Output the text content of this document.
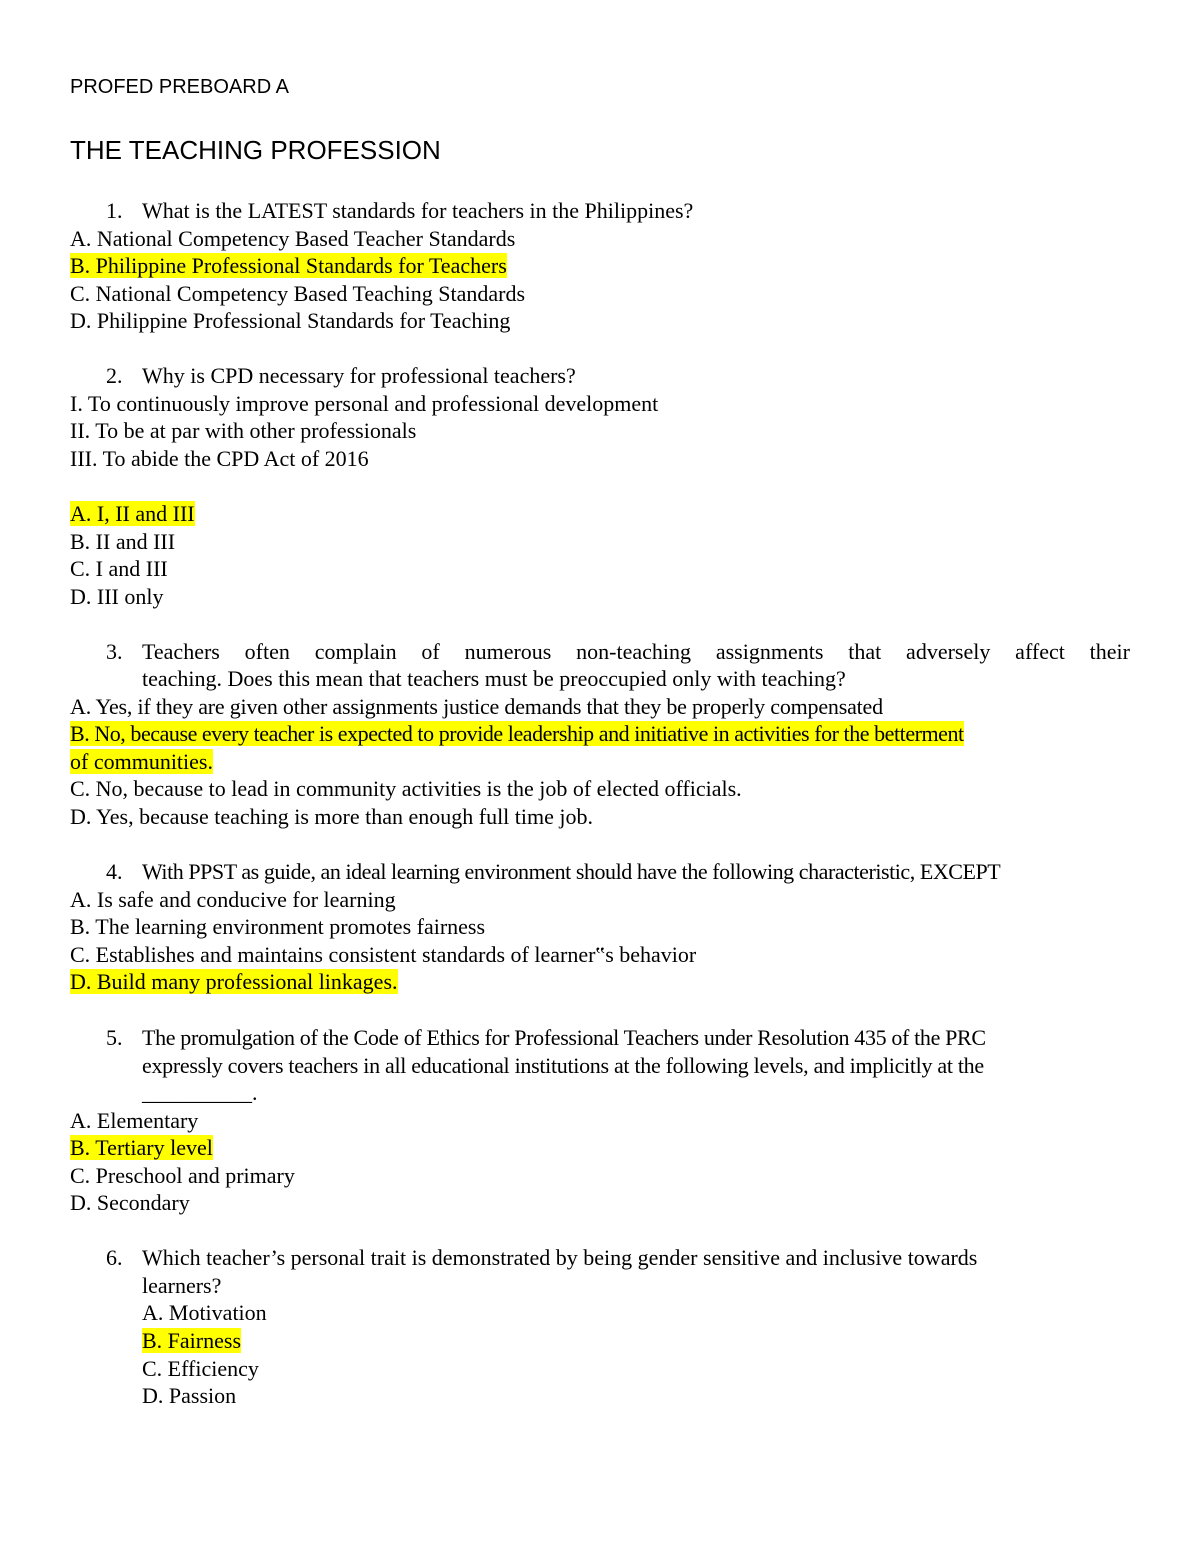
PROFED PREBOARD A
THE TEACHING PROFESSION
1. What is the LATEST standards for teachers in the Philippines?
A. National Competency Based Teacher Standards
B. Philippine Professional Standards for Teachers
C. National Competency Based Teaching Standards
D. Philippine Professional Standards for Teaching
2. Why is CPD necessary for professional teachers?
I. To continuously improve personal and professional development
II. To be at par with other professionals
III. To abide the CPD Act of 2016
A. I, II and III
B. II and III
C. I and III
D. III only
3. Teachers often complain of numerous non-teaching assignments that adversely affect their
teaching. Does this mean that teachers must be preoccupied only with teaching?
A. Yes, if they are given other assignments justice demands that they be properly compensated
B. No, because every teacher is expected to provide leadership and initiative in activities for the betterment
of communities.
C. No, because to lead in community activities is the job of elected officials.
D. Yes, because teaching is more than enough full time job.
4. With PPST as guide, an ideal learning environment should have the following characteristic, EXCEPT
A. Is safe and conducive for learning
B. The learning environment promotes fairness
C. Establishes and maintains consistent standards of learner‟s behavior
D. Build many professional linkages.
5. The promulgation of the Code of Ethics for Professional Teachers under Resolution 435 of the PRC
expressly covers teachers in all educational institutions at the following levels, and implicitly at the
__________.
A. Elementary
B. Tertiary level
C. Preschool and primary
D. Secondary
6. Which teacher’s personal trait is demonstrated by being gender sensitive and inclusive towards
learners?
A. Motivation
B. Fairness
C. Efficiency
D. Passion
